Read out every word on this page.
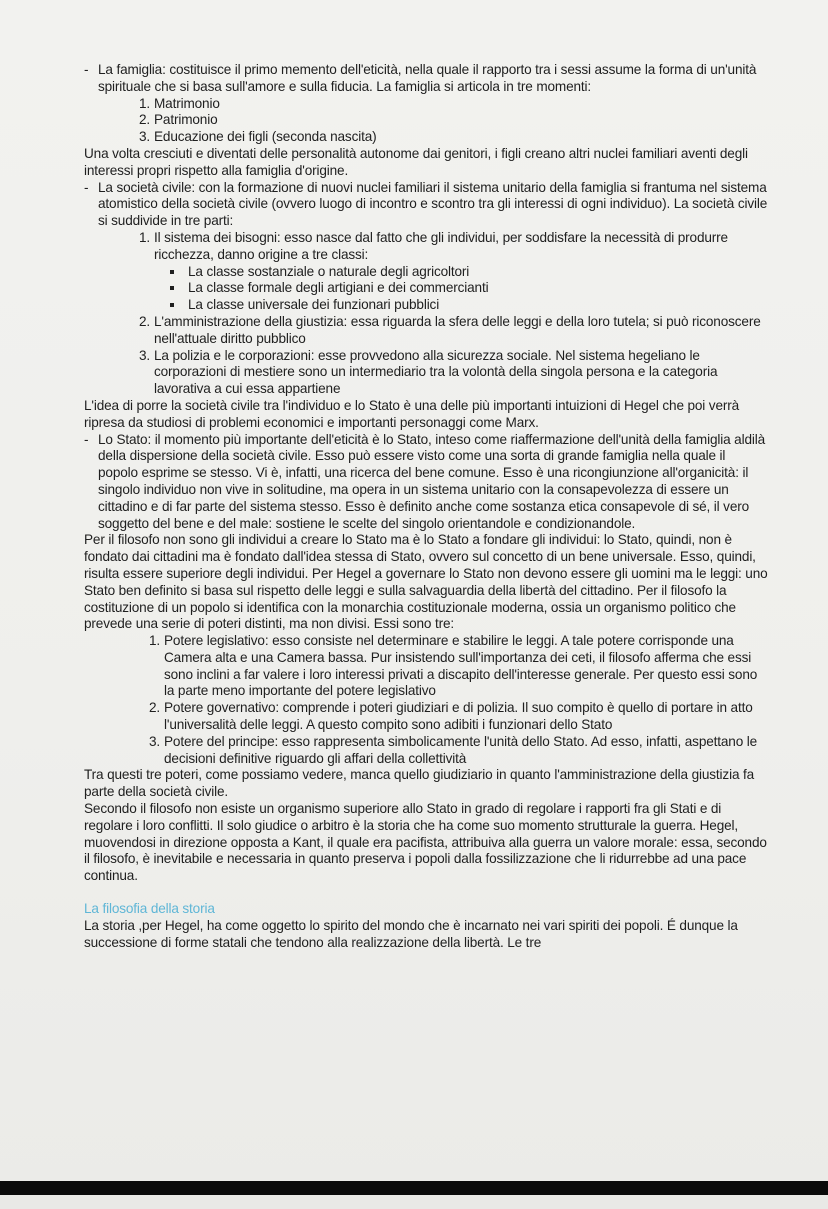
- La famiglia: costituisce il primo memento dell'eticità, nella quale il rapporto tra i sessi assume la forma di un'unità spirituale che si basa sull'amore e sulla fiducia. La famiglia si articola in tre momenti:
1. Matrimonio
2. Patrimonio
3. Educazione dei figli (seconda nascita)

Una volta cresciuti e diventati delle personalità autonome dai genitori, i figli creano altri nuclei familiari aventi degli interessi propri rispetto alla famiglia d'origine.

- La società civile: con la formazione di nuovi nuclei familiari il sistema unitario della famiglia si frantuma nel sistema atomistico della società civile (ovvero luogo di incontro e scontro tra gli interessi di ogni individuo). La società civile si suddivide in tre parti:
1. Il sistema dei bisogni: esso nasce dal fatto che gli individui, per soddisfare la necessità di produrre ricchezza, danno origine a tre classi:
La classe sostanziale o naturale degli agricoltori
La classe formale degli artigiani e dei commercianti
La classe universale dei funzionari pubblici
2. L'amministrazione della giustizia: essa riguarda la sfera delle leggi e della loro tutela; si può riconoscere nell'attuale diritto pubblico
3. La polizia e le corporazioni: esse provvedono alla sicurezza sociale. Nel sistema hegeliano le corporazioni di mestiere sono un intermediario tra la volontà della singola persona e la categoria lavorativa a cui essa appartiene

L'idea di porre la società civile tra l'individuo e lo Stato è una delle più importanti intuizioni di Hegel che poi verrà ripresa da studiosi di problemi economici e importanti personaggi come Marx.

- Lo Stato: il momento più importante dell'eticità è lo Stato, inteso come riaffermazione dell'unità della famiglia aldilà della dispersione della società civile. Esso può essere visto come una sorta di grande famiglia nella quale il popolo esprime se stesso. Vi è, infatti, una ricerca del bene comune. Esso è una ricongiunzione all'organicità: il singolo individuo non vive in solitudine, ma opera in un sistema unitario con la consapevolezza di essere un cittadino e di far parte del sistema stesso. Esso è definito anche come sostanza etica consapevole di sé, il vero soggetto del bene e del male: sostiene le scelte del singolo orientandole e condizionandole.

Per il filosofo non sono gli individui a creare lo Stato ma è lo Stato a fondare gli individui: lo Stato, quindi, non è fondato dai cittadini ma è fondato dall'idea stessa di Stato, ovvero sul concetto di un bene universale. Esso, quindi, risulta essere superiore degli individui. Per Hegel a governare lo Stato non devono essere gli uomini ma le leggi: uno Stato ben definito si basa sul rispetto delle leggi e sulla salvaguardia della libertà del cittadino. Per il filosofo la costituzione di un popolo si identifica con la monarchia costituzionale moderna, ossia un organismo politico che prevede una serie di poteri distinti, ma non divisi. Essi sono tre:

1. Potere legislativo: esso consiste nel determinare e stabilire le leggi. A tale potere corrisponde una Camera alta e una Camera bassa. Pur insistendo sull'importanza dei ceti, il filosofo afferma che essi sono inclini a far valere i loro interessi privati a discapito dell'interesse generale. Per questo essi sono la parte meno importante del potere legislativo
2. Potere governativo: comprende i poteri giudiziari e di polizia. Il suo compito è quello di portare in atto l'universalità delle leggi. A questo compito sono adibiti i funzionari dello Stato
3. Potere del principe: esso rappresenta simbolicamente l'unità dello Stato. Ad esso, infatti, aspettano le decisioni definitive riguardo gli affari della collettività

Tra questi tre poteri, come possiamo vedere, manca quello giudiziario in quanto l'amministrazione della giustizia fa parte della società civile.

Secondo il filosofo non esiste un organismo superiore allo Stato in grado di regolare i rapporti fra gli Stati e di regolare i loro conflitti. Il solo giudice o arbitro è la storia che ha come suo momento strutturale la guerra. Hegel, muovendosi in direzione opposta a Kant, il quale era pacifista, attribuiva alla guerra un valore morale: essa, secondo il filosofo, è inevitabile e necessaria in quanto preserva i popoli dalla fossilizzazione che li ridurrebbe ad una pace continua.

La filosofia della storia

La storia ,per Hegel, ha come oggetto lo spirito del mondo che è incarnato nei vari spiriti dei popoli. É dunque la successione di forme statali che tendono alla realizzazione della libertà. Le tre
